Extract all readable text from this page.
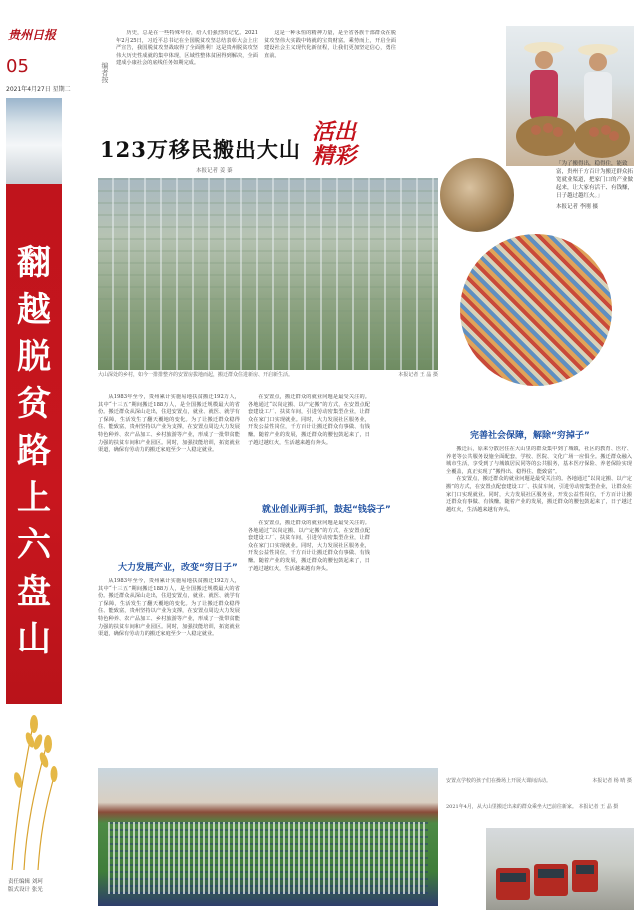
贵州日报
05
2021年4月27日 星期二
翻越脱贫路上六盘山
责任编辑 刘珂
版式设计 张光
编者按

历史，总是在一些特殊年份，给人们强烈的记忆。2021年2月25日，习近平总书记在全国脱贫攻坚总结表彰大会上庄严宣告，我国脱贫攻坚战取得了全面胜利！这是贵州脱贫攻坚伟大历史性成就的集中体现，区域性整体贫困得到解决，全面建成小康社会的底线任务如期完成。

这是一种永恒的精神力量，是全省各族干部群众在脱贫攻坚伟大实践中铸就的宝贵财富。乘势而上，开启全面建设社会主义现代化新征程，让我们更加坚定信心，勇往直前。

123万移民搬出大山
活出精彩
本报记者 姜 蓁
大山深处的乡村，如今一排排整齐的安置房拔地而起，搬迁群众住进新房、开启新生活。	本报记者 王 晶 摄
「为了搬得出，稳得住，能致富，贵州千方百计为搬迁群众拓宽就业渠道，把家门口的产业做起来，让大家有活干、有钱赚，日子越过越红火。」
本报记者 李刚 摄

从1983年至今，贵州累计实施易地扶贫搬迁192万人，其中“十三五”期间搬迁188万人，是全国搬迁规模最大的省份。搬迁群众从深山走出，住进安置点，就业、就医、就学有了保障，生活发生了翻天覆地的变化。为了让搬迁群众稳得住、能致富，贵州坚持以产业为支撑，在安置点周边大力发展特色种养、农产品加工、乡村旅游等产业，形成了一批带贫能力强的扶贫车间和产业园区。同时，加强技能培训，拓宽就业渠道，确保有劳动力的搬迁家庭至少一人稳定就业。

大力发展产业，改变“穷日子”

从1983年至今，贵州累计实施易地扶贫搬迁192万人，其中“十三五”期间搬迁188万人，是全国搬迁规模最大的省份。搬迁群众从深山走出，住进安置点，就业、就医、就学有了保障，生活发生了翻天覆地的变化。为了让搬迁群众稳得住、能致富，贵州坚持以产业为支撑，在安置点周边大力发展特色种养、农产品加工、乡村旅游等产业，形成了一批带贫能力强的扶贫车间和产业园区。同时，加强技能培训，拓宽就业渠道，确保有劳动力的搬迁家庭至少一人稳定就业。

在安置点，搬迁群众的就业问题是最受关注的。各地通过“以岗定搬、以产定搬”的方式，在安置点配套建设工厂、扶贫车间，引进劳动密集型企业，让群众在家门口实现就业。同时，大力发展社区服务业，开发公益性岗位，千方百计让搬迁群众有事做、有钱赚。随着产业的发展，搬迁群众的腰包鼓起来了，日子越过越红火，生活越来越有奔头。

就业创业两手抓，鼓起“钱袋子”

在安置点，搬迁群众的就业问题是最受关注的。各地通过“以岗定搬、以产定搬”的方式，在安置点配套建设工厂、扶贫车间，引进劳动密集型企业，让群众在家门口实现就业。同时，大力发展社区服务业，开发公益性岗位，千方百计让搬迁群众有事做、有钱赚。随着产业的发展，搬迁群众的腰包鼓起来了，日子越过越红火，生活越来越有奔头。

完善社会保障，解除“穷掉子”

搬迁后，原来分散居住在大山里的群众集中到了城镇，社区的教育、医疗、养老等公共服务设施全面配套，学校、医院、文化广场一应俱全。搬迁群众融入城市生活，享受到了与城镇居民同等的公共服务，基本医疗保险、养老保险实现全覆盖，真正实现了“搬得出、稳得住、能致富”。

在安置点，搬迁群众的就业问题是最受关注的。各地通过“以岗定搬、以产定搬”的方式，在安置点配套建设工厂、扶贫车间，引进劳动密集型企业，让群众在家门口实现就业。同时，大力发展社区服务业，开发公益性岗位，千方百计让搬迁群众有事做、有钱赚。随着产业的发展，搬迁群众的腰包鼓起来了，日子越过越红火，生活越来越有奔头。

安置点学校的孩子们在操场上开展大课间活动。	本报记者 杨 晴 摄
2021年4月，从大山里搬迁出来的群众乘坐大巴前往新家。 本报记者 王 晶 摄
